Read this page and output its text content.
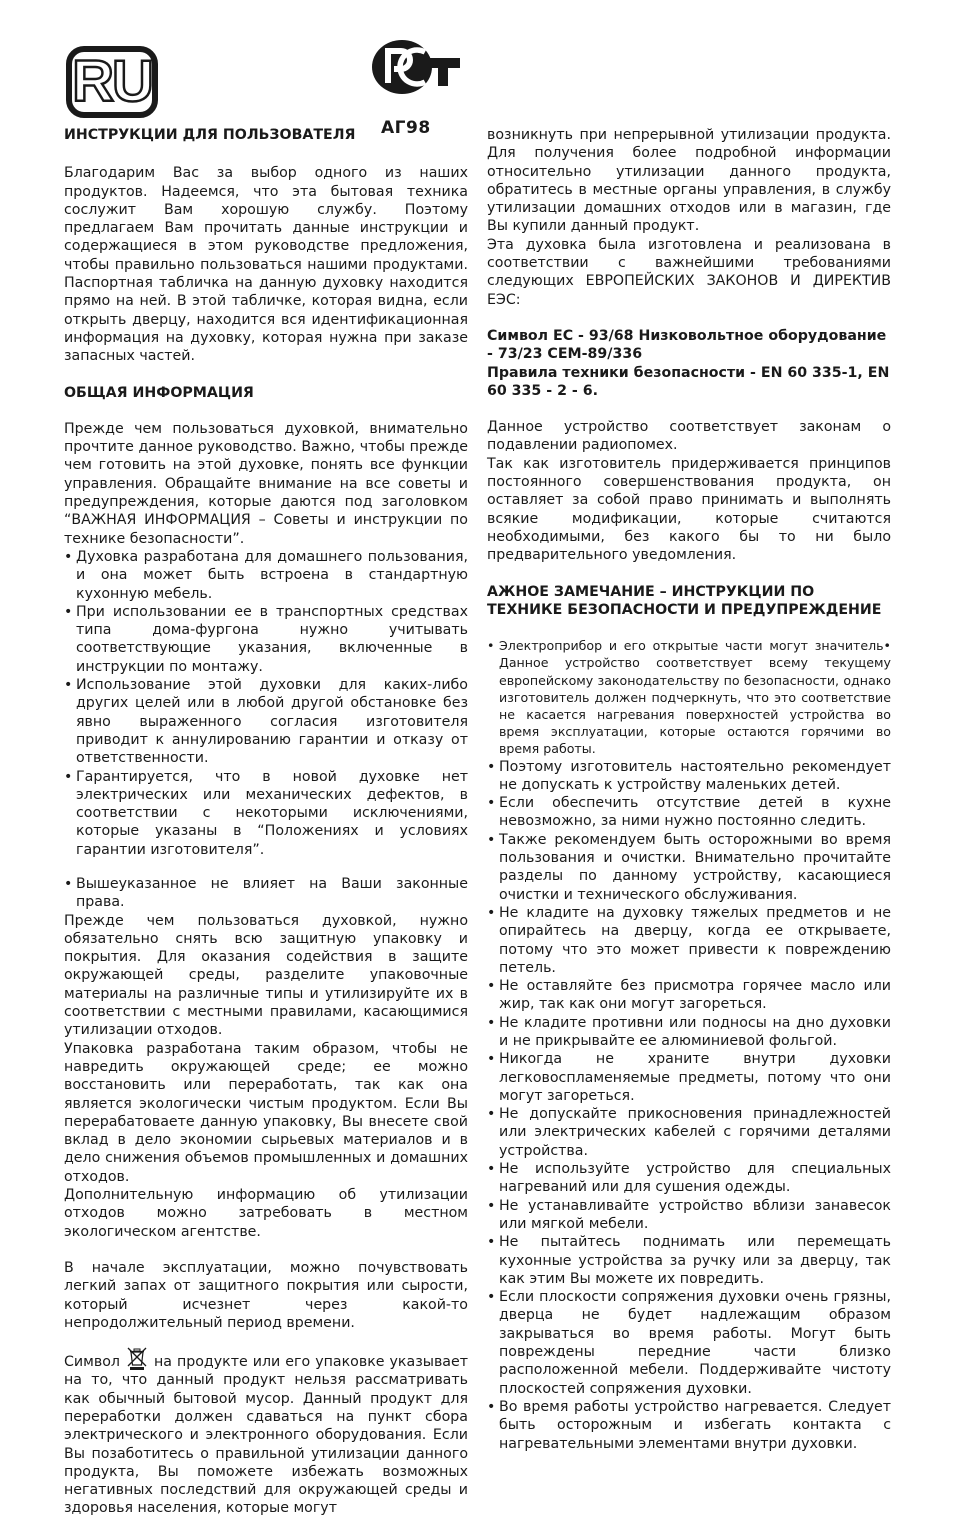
RU
АГ98
ИНСТРУКЦИИ ДЛЯ ПОЛЬЗОВАТЕЛЯ

Благодарим Вас за выбор одного из наших продуктов. Надеемся, что эта бытовая техника сослужит Вам хорошую службу. Поэтому предлагаем Вам прочитать данные инструкции и содержащиеся в этом руководстве предложения, чтобы правильно пользоваться нашими продуктами. Паспортная табличка на данную духовку находится прямо на ней. В этой табличке, которая видна, если открыть дверцу, находится вся идентификационная информация на духовку, которая нужна при заказе запасных частей.

ОБЩАЯ ИНФОРМАЦИЯ

Прежде чем пользоваться духовкой, внимательно прочтите данное руководство. Важно, чтобы прежде чем готовить на этой духовке, понять все функции управления. Обращайте внимание на все советы и предупреждения, которые даются под заголовком “ВАЖНАЯ ИНФОРМАЦИЯ – Советы и инструкции по технике безопасности”.

• Духовка разработана для домашнего пользования, и она может быть встроена в стандартную кухонную мебель.
• При использовании ее в транспортных средствах типа дома-фургона нужно учитывать соответствующие указания, включенные в инструкции по монтажу.
• Использование этой духовки для каких-либо других целей или в любой другой обстановке без явно выраженного согласия изготовителя приводит к аннулированию гарантии и отказу от ответственности.
• Гарантируется, что в новой духовке нет электрических или механических дефектов, в соответствии с некоторыми исключениями, которые указаны в “Положениях и условиях гарантии изготовителя”.
• Вышеуказанное не влияет на Ваши законные права.

Прежде чем пользоваться духовкой, нужно обязательно снять всю защитную упаковку и покрытия. Для оказания содействия в защите окружающей среды, разделите упаковочные материалы на различные типы и утилизируйте их в соответствии с местными правилами, касающимися утилизации отходов.

Упаковка разработана таким образом, чтобы не навредить окружающей среде; ее можно восстановить или переработать, так как она является экологически чистым продуктом. Если Вы перерабатоваете данную упаковку, Вы внесете свой вклад в дело экономии сырьевых материалов и в дело снижения объемов промышленных и домашних отходов.

Дополнительную информацию об утилизации отходов можно затребовать в местном экологическом агентстве.

В начале эксплуатации, можно почувствовать легкий запах от защитного покрытия или сырости, который исчезнет через какой-то непродолжительный период времени.

Символ на продукте или его упаковке указывает на то, что данный продукт нельзя рассматривать как обычный бытовой мусор. Данный продукт для переработки должен сдаваться на пункт сбора электрического и электронного оборудования. Если Вы позаботитесь о правильной утилизации данного продукта, Вы поможете избежать возможных негативных последствий для окружающей среды и здоровья населения, которые могут

возникнуть при непрерывной утилизации продукта. Для получения более подробной информации относительно утилизации данного продукта, обратитесь в местные органы управления, в службу утилизации домашних отходов или в магазин, где Вы купили данный продукт.

Эта духовка была изготовлена и реализована в соответствии с важнейшими требованиями следующих ЕВРОПЕЙСКИХ ЗАКОНОВ И ДИРЕКТИВ ЕЭС:

Символ ЕС - 93/68 Низковольтное оборудование - 73/23 СЕМ-89/336

Правила техники безопасности - EN 60 335-1, EN 60 335 - 2 - 6.

Данное устройство соответствует законам о подавлении радиопомех.

Так как изготовитель придерживается принципов постоянного совершенствования продукта, он оставляет за собой право принимать и выполнять всякие модификации, которые считаются необходимыми, без какого бы то ни было предварительного уведомления.

АЖНОЕ ЗАМЕЧАНИЕ – ИНСТРУКЦИИ ПО ТЕХНИКЕ БЕЗОПАСНОСТИ И ПРЕДУПРЕЖДЕНИЕ
• Электроприбор и его открытые части могут значитель• Данное устройство соответствует всему текущему европейскому законодательству по безопасности, однако изготовитель должен подчеркнуть, что это соответствие не касается нагревания поверхностей устройства во время эксплуатации, которые остаются горячими во время работы.
• Поэтому изготовитель настоятельно рекомендует не допускать к устройству маленьких детей.
• Если обеспечить отсутствие детей в кухне невозможно, за ними нужно постоянно следить.
• Также рекомендуем быть осторожными во время пользования и очистки. Внимательно прочитайте разделы по данному устройству, касающиеся очистки и технического обслуживания.
• Не кладите на духовку тяжелых предметов и не опирайтесь на дверцу, когда ее открываете, потому что это может привести к повреждению петель.
• Не оставляйте без присмотра горячее масло или жир, так как они могут загореться.
• Не кладите противни или подносы на дно духовки и не прикрывайте ее алюминиевой фольгой.
• Никогда не храните внутри духовки легковоспламеняемые предметы, потому что они могут загореться.
• Не допускайте прикосновения принадлежностей или электрических кабелей с горячими деталями устройства.
• Не используйте устройство для специальных нагреваний или для сушения одежды.
• Не устанавливайте устройство вблизи занавесок или мягкой мебели.
• Не пытайтесь поднимать или перемещать кухонные устройства за ручку или за дверцу, так как этим Вы можете их повредить.
• Если плоскости сопряжения духовки очень грязны, дверца не будет надлежащим образом закрываться во время работы. Могут быть повреждены передние части близко расположенной мебели. Поддерживайте чистоту плоскостей сопряжения духовки.
• Во время работы устройство нагревается. Следует быть осторожным и избегать контакта с нагревательными элементами внутри духовки.
